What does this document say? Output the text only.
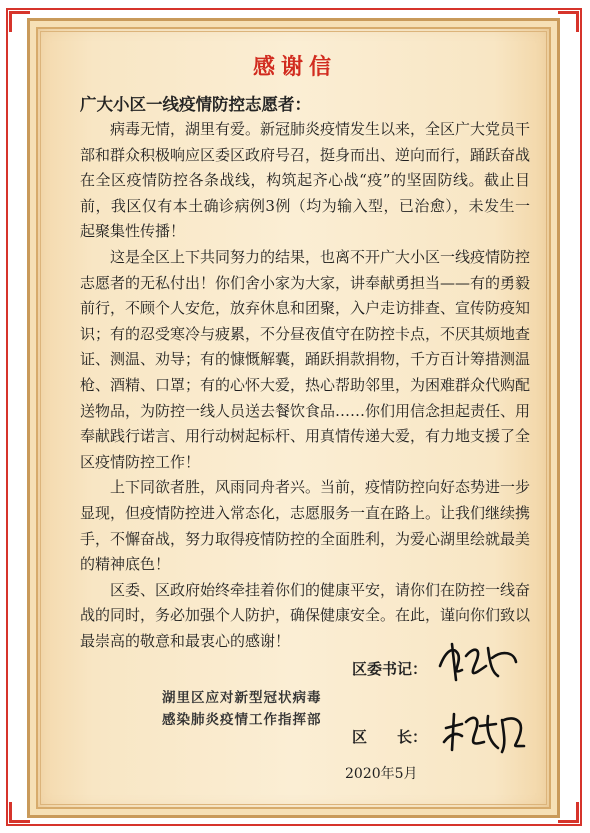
感谢信
广大小区一线疫情防控志愿者：

病毒无情，湖里有爱。新冠肺炎疫情发生以来，全区广大党员干部和群众积极响应区委区政府号召，挺身而出、逆向而行，踊跃奋战在全区疫情防控各条战线，构筑起齐心战“疫”的坚固防线。截止目前，我区仅有本土确诊病例3例（均为输入型，已治愈），未发生一起聚集性传播！

这是全区上下共同努力的结果，也离不开广大小区一线疫情防控志愿者的无私付出！你们舍小家为大家，讲奉献勇担当——有的勇毅前行，不顾个人安危，放弃休息和团聚，入户走访排查、宣传防疫知识；有的忍受寒冷与疲累，不分昼夜值守在防控卡点，不厌其烦地查证、测温、劝导；有的慷慨解囊，踊跃捐款捐物，千方百计筹措测温枪、酒精、口罩；有的心怀大爱，热心帮助邻里，为困难群众代购配送物品，为防控一线人员送去餐饮食品……你们用信念担起责任、用奉献践行诺言、用行动树起标杆、用真情传递大爱，有力地支援了全区疫情防控工作！

上下同欲者胜，风雨同舟者兴。当前，疫情防控向好态势进一步显现，但疫情防控进入常态化，志愿服务一直在路上。让我们继续携手，不懈奋战，努力取得疫情防控的全面胜利，为爱心湖里绘就最美的精神底色！

区委、区政府始终牵挂着你们的健康平安，请你们在防控一线奋战的同时，务必加强个人防护，确保健康安全。在此，谨向你们致以最崇高的敬意和最衷心的感谢！

区委书记：
湖里区应对新型冠状病毒
感染肺炎疫情工作指挥部
区　　长：
2020年5月
